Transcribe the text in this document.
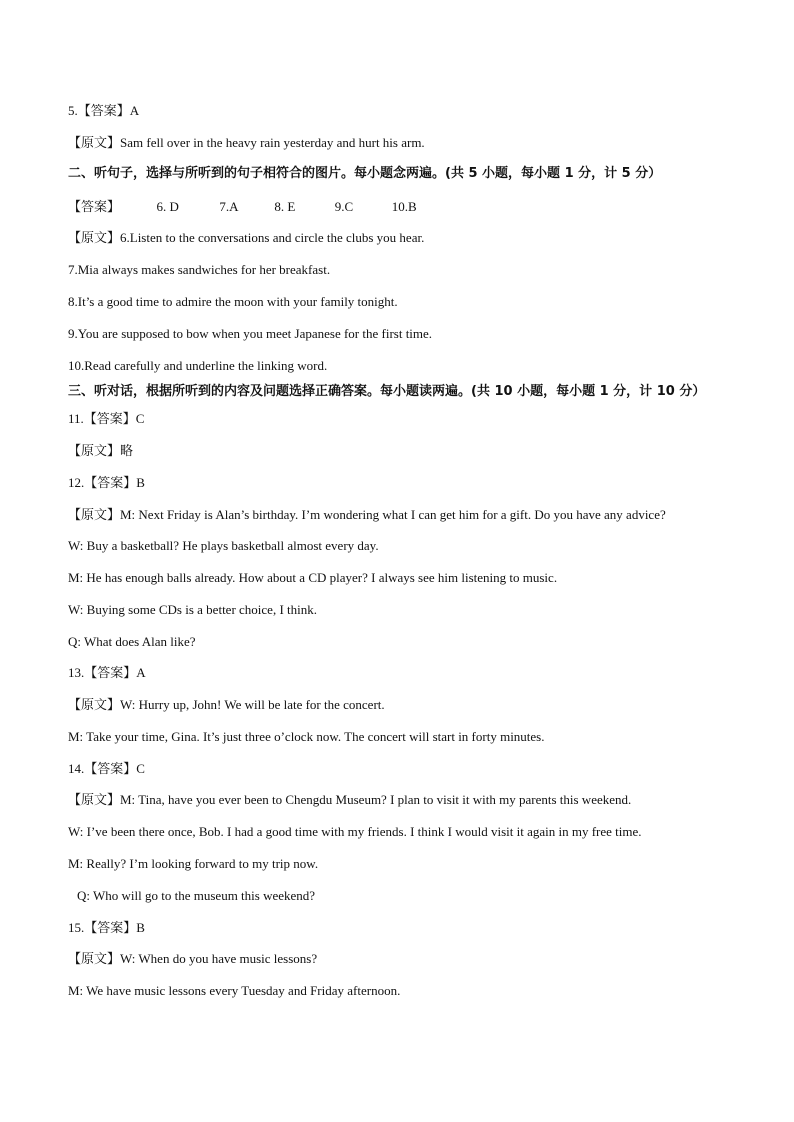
5.【答案】A
【原文】Sam fell over in the heavy rain yesterday and hurt his arm.
二、听句子，选择与所听到的句子相符合的图片。每小题念两遍。(共 5 小题，每小题 1 分，计 5 分）
【答案】	6. D	7.A	8. E	9.C	10.B
【原文】6.Listen to the conversations and circle the clubs you hear.
7.Mia always makes sandwiches for her breakfast.
8.It’s a good time to admire the moon with your family tonight.
9.You are supposed to bow when you meet Japanese for the first time.
10.Read carefully and underline the linking word.
三、听对话，根据所听到的内容及问题选择正确答案。每小题读两遍。(共 10 小题，每小题 1 分，计 10 分）
11.【答案】C
【原文】略
12.【答案】B
【原文】M: Next Friday is Alan’s birthday. I’m wondering what I can get him for a gift. Do you have any advice?
W: Buy a basketball? He plays basketball almost every day.
M: He has enough balls already. How about a CD player? I always see him listening to music.
W: Buying some CDs is a better choice, I think.
Q: What does Alan like?
13.【答案】A
【原文】W: Hurry up, John! We will be late for the concert.
M: Take your time, Gina. It’s just three o’clock now. The concert will start in forty minutes.
14.【答案】C
【原文】M: Tina, have you ever been to Chengdu Museum? I plan to visit it with my parents this weekend.
W: I’ve been there once, Bob. I had a good time with my friends. I think I would visit it again in my free time.
M: Really? I’m looking forward to my trip now.
Q: Who will go to the museum this weekend?
15.【答案】B
【原文】W: When do you have music lessons?
M: We have music lessons every Tuesday and Friday afternoon.
